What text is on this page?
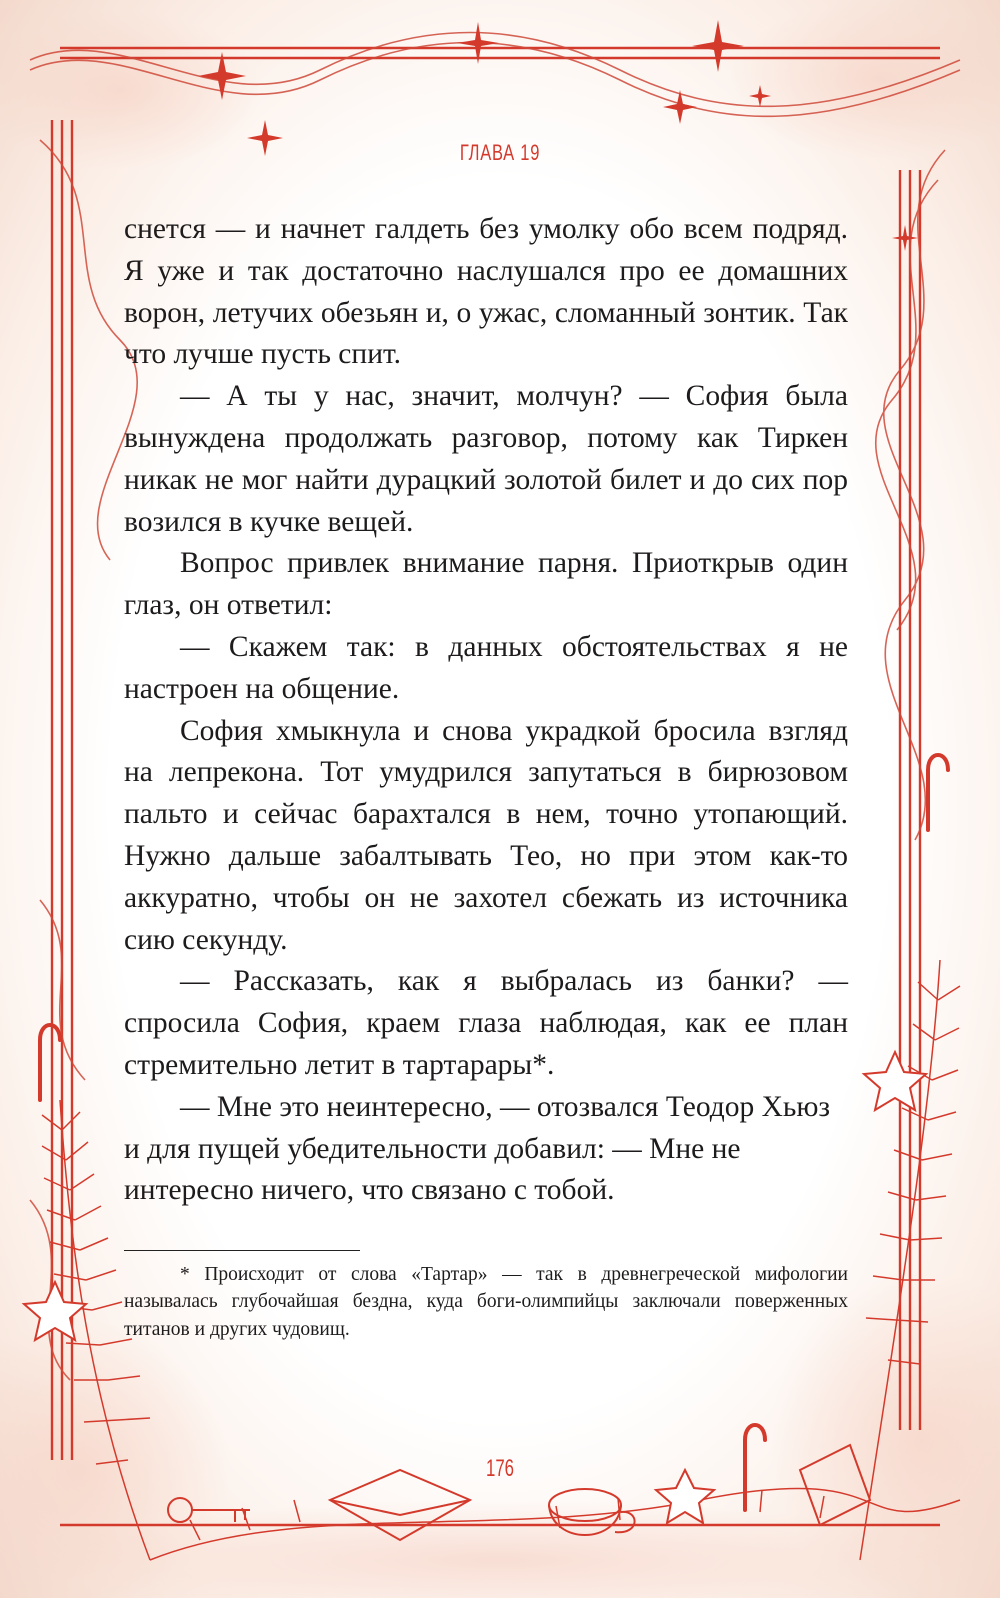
ГЛАВА 19

снется — и начнет галдеть без умолку обо всем подряд. Я уже и так достаточно наслушался про ее домашних ворон, летучих обезьян и, о ужас, сломанный зонтик. Так что лучше пусть спит.

— А ты у нас, значит, молчун? — София была вынуждена продолжать разговор, потому как Тиркен никак не мог найти дурацкий золотой билет и до сих пор возился в кучке вещей.

Вопрос привлек внимание парня. Приоткрыв один глаз, он ответил:

— Скажем так: в данных обстоятельствах я не настроен на общение.

София хмыкнула и снова украдкой бросила взгляд на лепрекона. Тот умудрился запутаться в бирюзовом пальто и сейчас барахтался в нем, точно утопающий. Нужно дальше забалтывать Тео, но при этом как-то аккуратно, чтобы он не захотел сбежать из источника сию секунду.

— Рассказать, как я выбралась из банки? — спросила София, краем глаза наблюдая, как ее план стремительно летит в тартарары*.

— Мне это неинтересно, — отозвался Теодор Хьюз и для пущей убедительности добавил: — Мне не интересно ничего, что связано с тобой.

* Происходит от слова «Тартар» — так в древнегреческой мифологии называлась глубочайшая бездна, куда боги-олимпийцы заключали поверженных титанов и других чудовищ.
176
